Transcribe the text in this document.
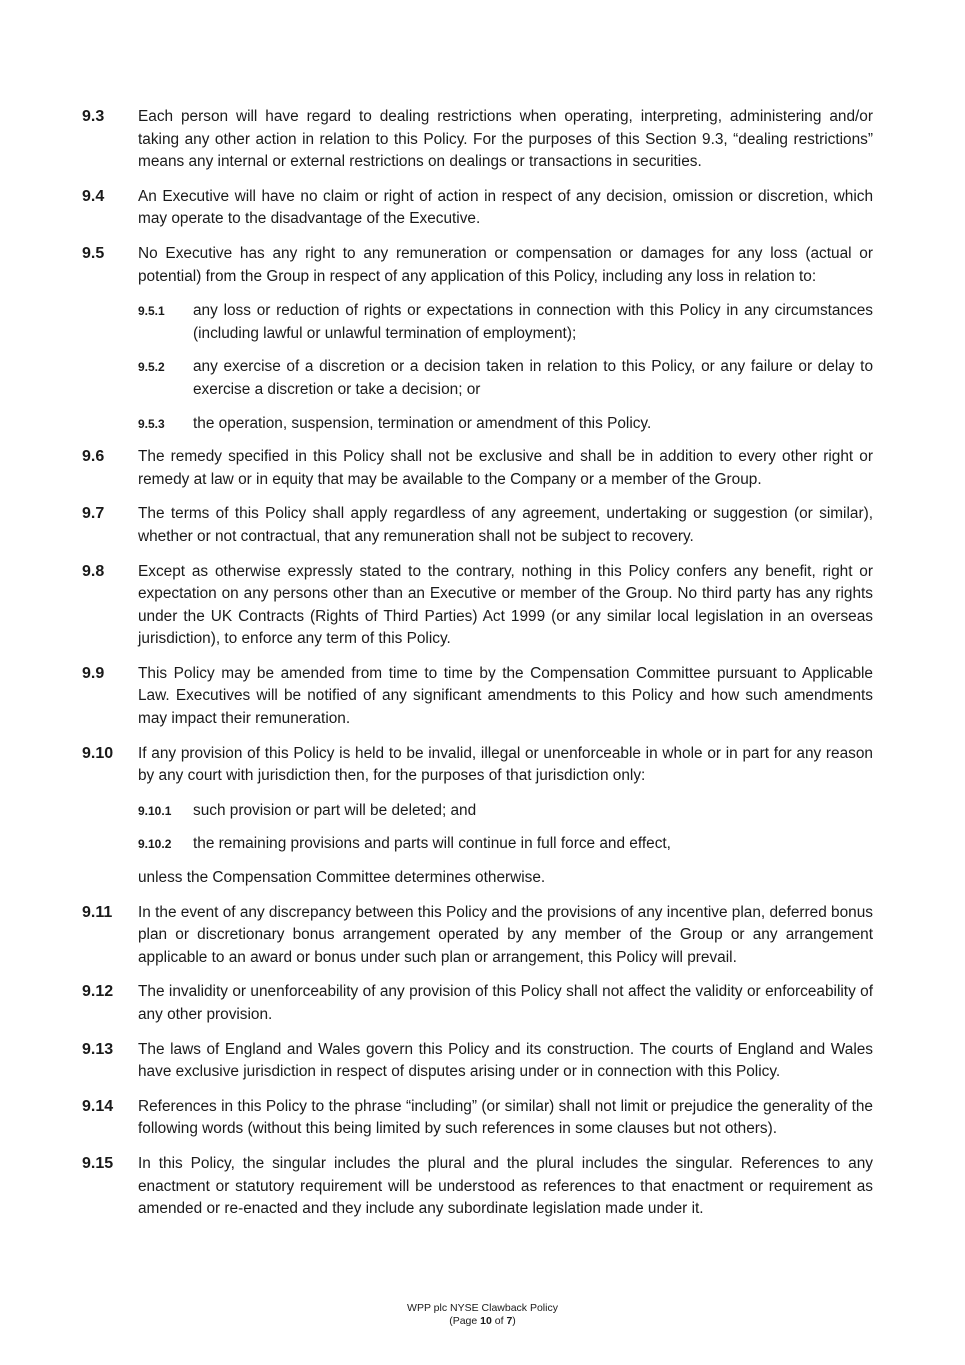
9.3	Each person will have regard to dealing restrictions when operating, interpreting, administering and/or taking any other action in relation to this Policy. For the purposes of this Section 9.3, “dealing restrictions” means any internal or external restrictions on dealings or transactions in securities.

9.4	An Executive will have no claim or right of action in respect of any decision, omission or discretion, which may operate to the disadvantage of the Executive.

9.5	No Executive has any right to any remuneration or compensation or damages for any loss (actual or potential) from the Group in respect of any application of this Policy, including any loss in relation to:

9.5.1	any loss or reduction of rights or expectations in connection with this Policy in any circumstances (including lawful or unlawful termination of employment);

9.5.2	any exercise of a discretion or a decision taken in relation to this Policy, or any failure or delay to exercise a discretion or take a decision; or

9.5.3	the operation, suspension, termination or amendment of this Policy.

9.6	The remedy specified in this Policy shall not be exclusive and shall be in addition to every other right or remedy at law or in equity that may be available to the Company or a member of the Group.

9.7	The terms of this Policy shall apply regardless of any agreement, undertaking or suggestion (or similar), whether or not contractual, that any remuneration shall not be subject to recovery.

9.8	Except as otherwise expressly stated to the contrary, nothing in this Policy confers any benefit, right or expectation on any persons other than an Executive or member of the Group. No third party has any rights under the UK Contracts (Rights of Third Parties) Act 1999 (or any similar local legislation in an overseas jurisdiction), to enforce any term of this Policy.

9.9	This Policy may be amended from time to time by the Compensation Committee pursuant to Applicable Law. Executives will be notified of any significant amendments to this Policy and how such amendments may impact their remuneration.

9.10	If any provision of this Policy is held to be invalid, illegal or unenforceable in whole or in part for any reason by any court with jurisdiction then, for the purposes of that jurisdiction only:

9.10.1	such provision or part will be deleted; and

9.10.2	the remaining provisions and parts will continue in full force and effect,

unless the Compensation Committee determines otherwise.

9.11	In the event of any discrepancy between this Policy and the provisions of any incentive plan, deferred bonus plan or discretionary bonus arrangement operated by any member of the Group or any arrangement applicable to an award or bonus under such plan or arrangement, this Policy will prevail.

9.12	The invalidity or unenforceability of any provision of this Policy shall not affect the validity or enforceability of any other provision.

9.13	The laws of England and Wales govern this Policy and its construction. The courts of England and Wales have exclusive jurisdiction in respect of disputes arising under or in connection with this Policy.

9.14	References in this Policy to the phrase “including” (or similar) shall not limit or prejudice the generality of the following words (without this being limited by such references in some clauses but not others).

9.15	In this Policy, the singular includes the plural and the plural includes the singular. References to any enactment or statutory requirement will be understood as references to that enactment or requirement as amended or re-enacted and they include any subordinate legislation made under it.

WPP plc NYSE Clawback Policy
(Page 10 of 7)
